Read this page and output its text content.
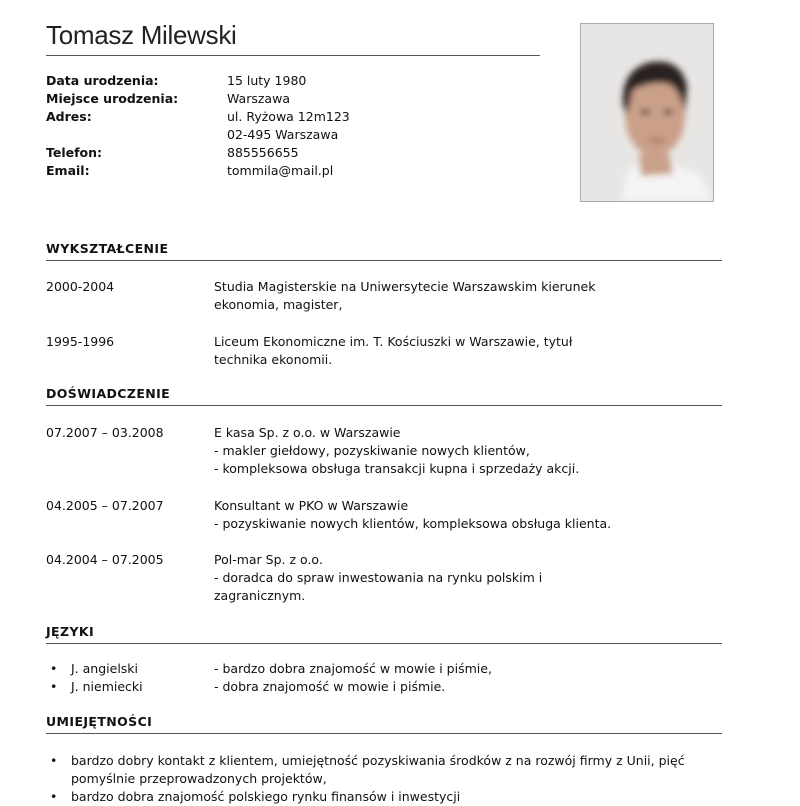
Tomasz Milewski
Data urodzenia:	15 luty 1980
Miejsce urodzenia:	Warszawa
Adres:	ul. Ryżowa 12m123
02-495 Warszawa
Telefon:	885556655
Email:	tommila@mail.pl
WYKSZTAŁCENIE
2000-2004	Studia Magisterskie na Uniwersytecie Warszawskim kierunek
ekonomia, magister,
1995-1996	Liceum Ekonomiczne im. T. Kościuszki w Warszawie, tytuł
technika ekonomii.
DOŚWIADCZENIE
07.2007 – 03.2008	E kasa Sp. z o.o. w Warszawie
- makler giełdowy, pozyskiwanie nowych klientów,
- kompleksowa obsługa transakcji kupna i sprzedaży akcji.
04.2005 – 07.2007	Konsultant w PKO w Warszawie
- pozyskiwanie nowych klientów, kompleksowa obsługa klienta.
04.2004 – 07.2005	Pol-mar Sp. z o.o.
- doradca do spraw inwestowania na rynku polskim i
zagranicznym.
JĘZYKI
• J. angielski	- bardzo dobra znajomość w mowie i piśmie,
• J. niemiecki	- dobra znajomość w mowie i piśmie.
UMIEJĘTNOŚCI
• bardzo dobry kontakt z klientem, umiejętność pozyskiwania środków z na rozwój firmy z Unii, pięć pomyślnie przeprowadzonych projektów,
• bardzo dobra znajomość polskiego rynku finansów i inwestycji
